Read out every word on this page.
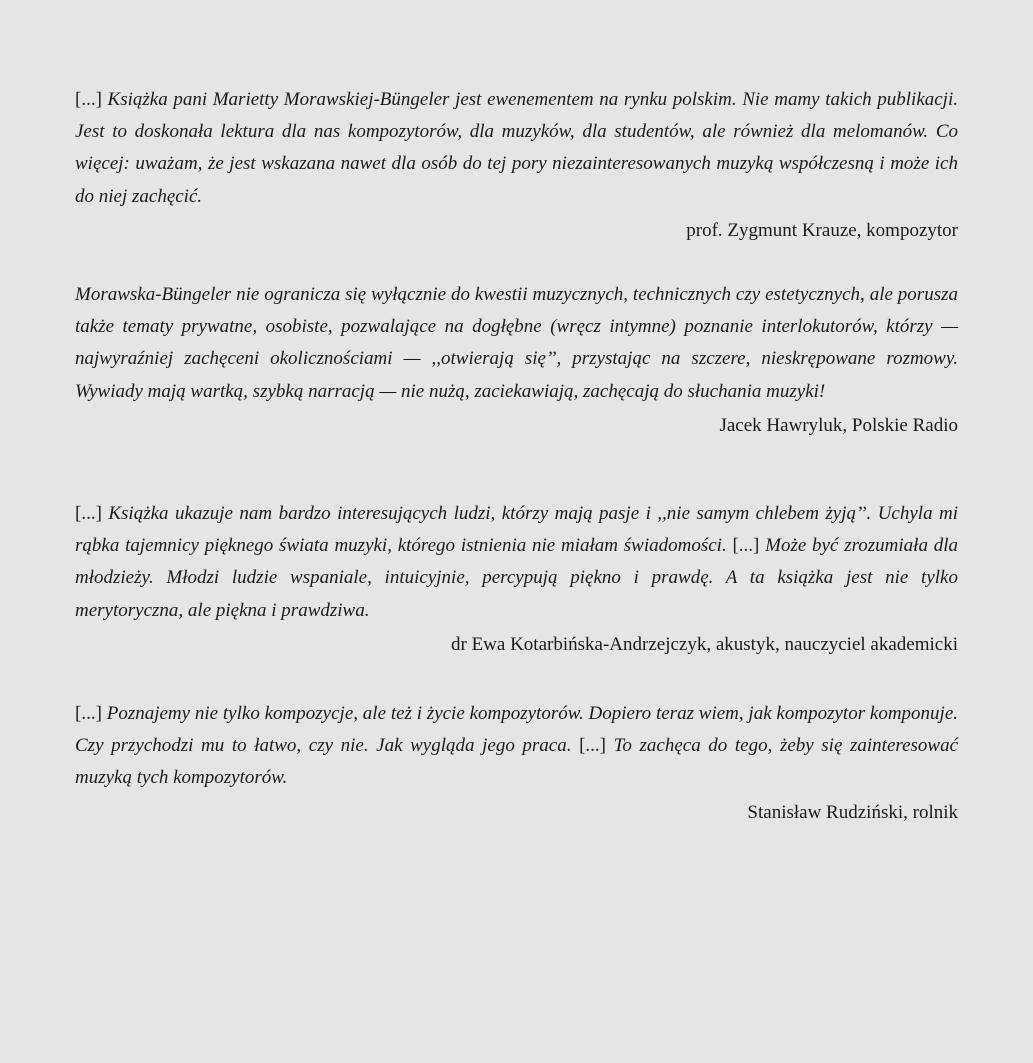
[...] Książka pani Marietty Morawskiej-Büngeler jest ewenementem na rynku polskim. Nie mamy takich publikacji. Jest to doskonała lektura dla nas kompozytorów, dla muzyków, dla studentów, ale również dla melomanów. Co więcej: uważam, że jest wskazana nawet dla osób do tej pory niezainteresowanych muzyką współczesną i może ich do niej zachęcić.

prof. Zygmunt Krauze, kompozytor

Morawska-Büngeler nie ogranicza się wyłącznie do kwestii muzycznych, technicznych czy estetycznych, ale porusza także tematy prywatne, osobiste, pozwalające na dogłębne (wręcz intymne) poznanie interlokutorów, którzy — najwyraźniej zachęceni okolicznościami — ,,otwierają się’’, przystając na szczere, nieskrępowane rozmowy. Wywiady mają wartką, szybką narracją — nie nużą, zaciekawiają, zachęcają do słuchania muzyki!

Jacek Hawryluk, Polskie Radio

[...] Książka ukazuje nam bardzo interesujących ludzi, którzy mają pasje i ,,nie samym chlebem żyją’’. Uchyla mi rąbka tajemnicy pięknego świata muzyki, którego istnienia nie miałam świadomości. [...] Może być zrozumiała dla młodzieży. Młodzi ludzie wspaniale, intuicyjnie, percypują piękno i prawdę. A ta książka jest nie tylko merytoryczna, ale piękna i prawdziwa.

dr Ewa Kotarbińska-Andrzejczyk, akustyk, nauczyciel akademicki

[...] Poznajemy nie tylko kompozycje, ale też i życie kompozytorów. Dopiero teraz wiem, jak kompozytor komponuje. Czy przychodzi mu to łatwo, czy nie. Jak wygląda jego praca. [...] To zachęca do tego, żeby się zainteresować muzyką tych kompozytorów.

Stanisław Rudziński, rolnik
